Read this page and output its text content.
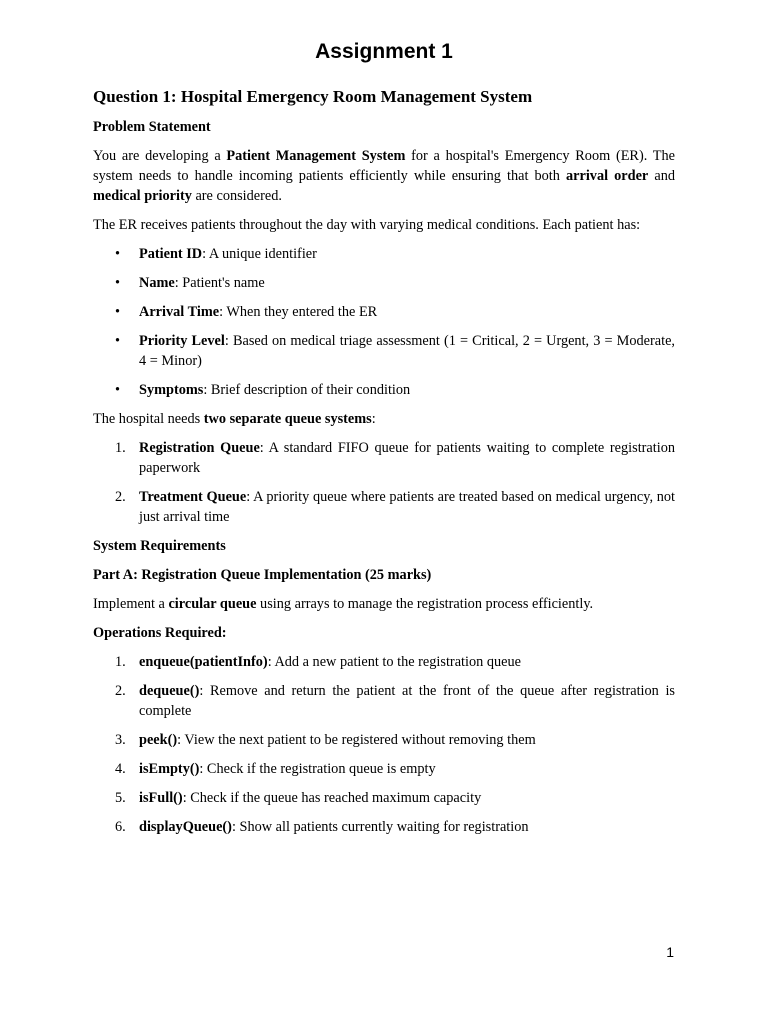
Assignment 1
Question 1: Hospital Emergency Room Management System
Problem Statement

You are developing a Patient Management System for a hospital's Emergency Room (ER). The system needs to handle incoming patients efficiently while ensuring that both arrival order and medical priority are considered.

The ER receives patients throughout the day with varying medical conditions. Each patient has:

• Patient ID: A unique identifier
• Name: Patient's name
• Arrival Time: When they entered the ER
• Priority Level: Based on medical triage assessment (1 = Critical, 2 = Urgent, 3 = Moderate, 4 = Minor)
• Symptoms: Brief description of their condition

The hospital needs two separate queue systems:

1. Registration Queue: A standard FIFO queue for patients waiting to complete registration paperwork
2. Treatment Queue: A priority queue where patients are treated based on medical urgency, not just arrival time
System Requirements
Part A: Registration Queue Implementation (25 marks)

Implement a circular queue using arrays to manage the registration process efficiently.

Operations Required:
1. enqueue(patientInfo): Add a new patient to the registration queue
2. dequeue(): Remove and return the patient at the front of the queue after registration is complete
3. peek(): View the next patient to be registered without removing them
4. isEmpty(): Check if the registration queue is empty
5. isFull(): Check if the queue has reached maximum capacity
6. displayQueue(): Show all patients currently waiting for registration
1
